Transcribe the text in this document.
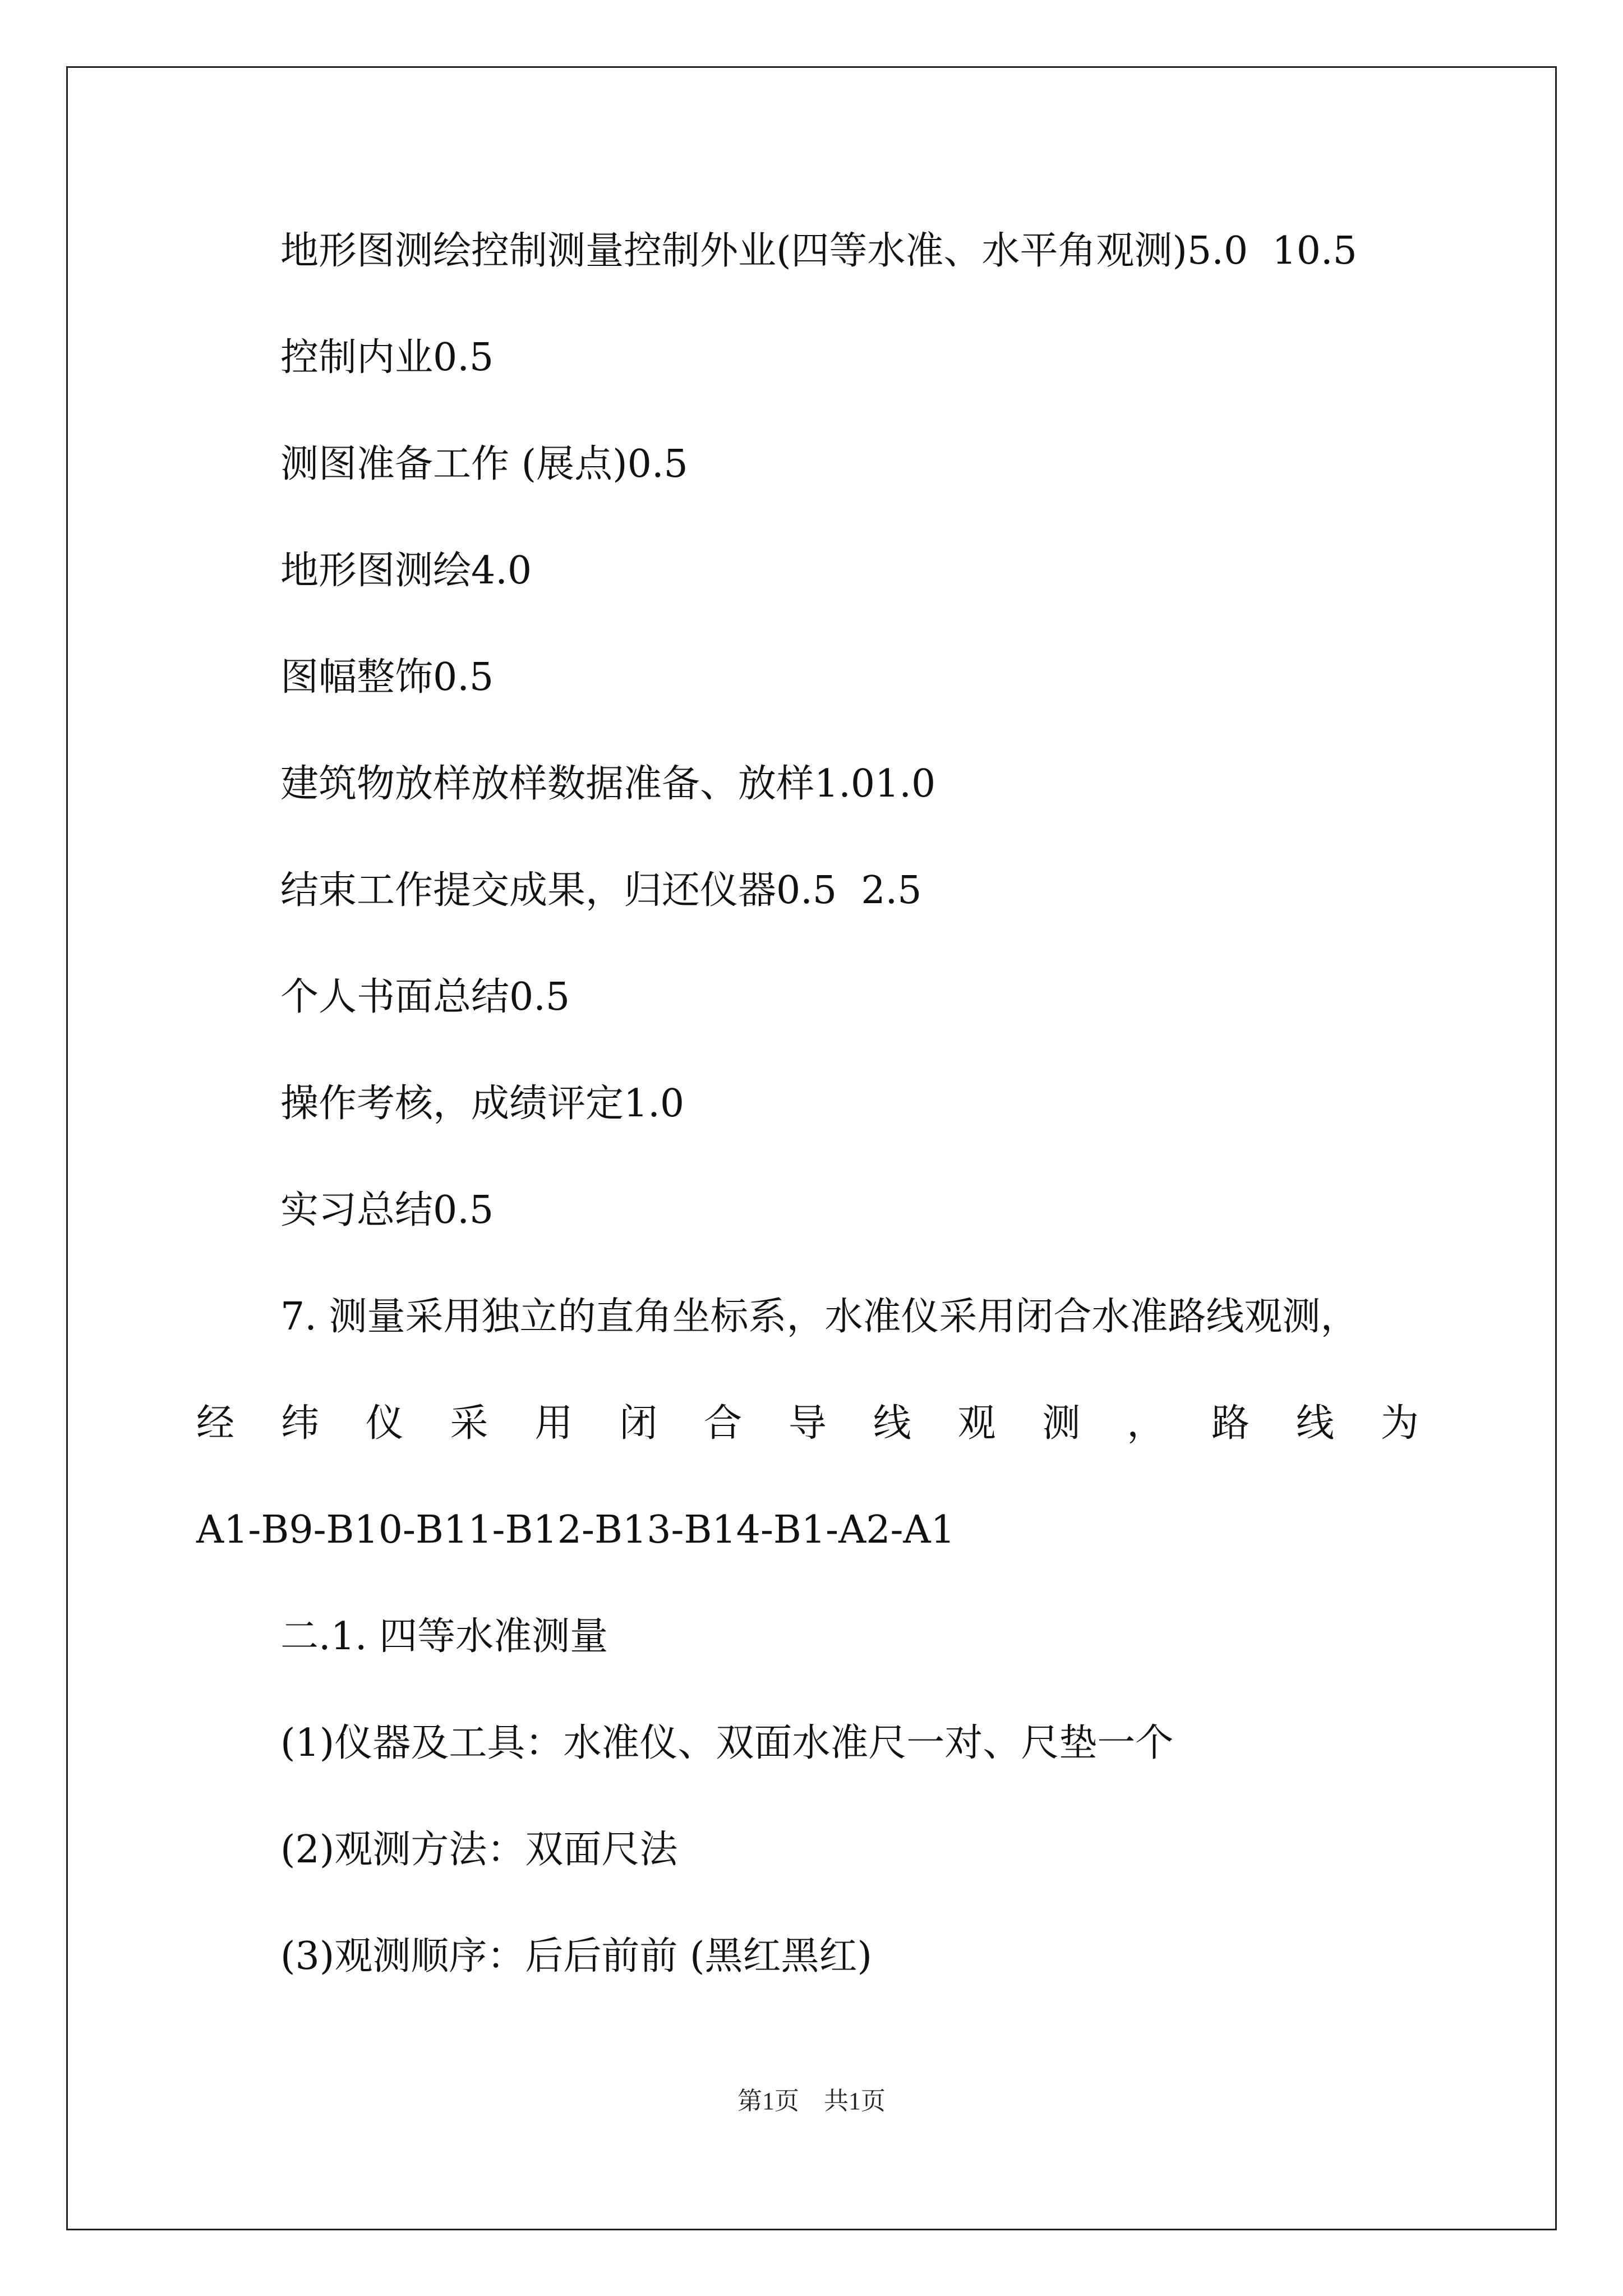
地形图测绘控制测量控制外业(四等水准、水平角观测)5.0  10.5
控制内业0.5
测图准备工作 (展点)0.5
地形图测绘4.0
图幅整饰0.5
建筑物放样放样数据准备、放样1.01.0
结束工作提交成果，归还仪器0.5  2.5
个人书面总结0.5
操作考核，成绩评定1.0
实习总结0.5
7. 测量采用独立的直角坐标系，水准仪采用闭合水准路线观测，
经 纬 仪 采 用 闭 合 导 线 观 测 ， 路 线 为
A1-B9-B10-B11-B12-B13-B14-B1-A2-A1
二.1. 四等水准测量
(1)仪器及工具：水准仪、双面水准尺一对、尺垫一个
(2)观测方法：双面尺法
(3)观测顺序：后后前前 (黑红黑红)
第1页　共1页
